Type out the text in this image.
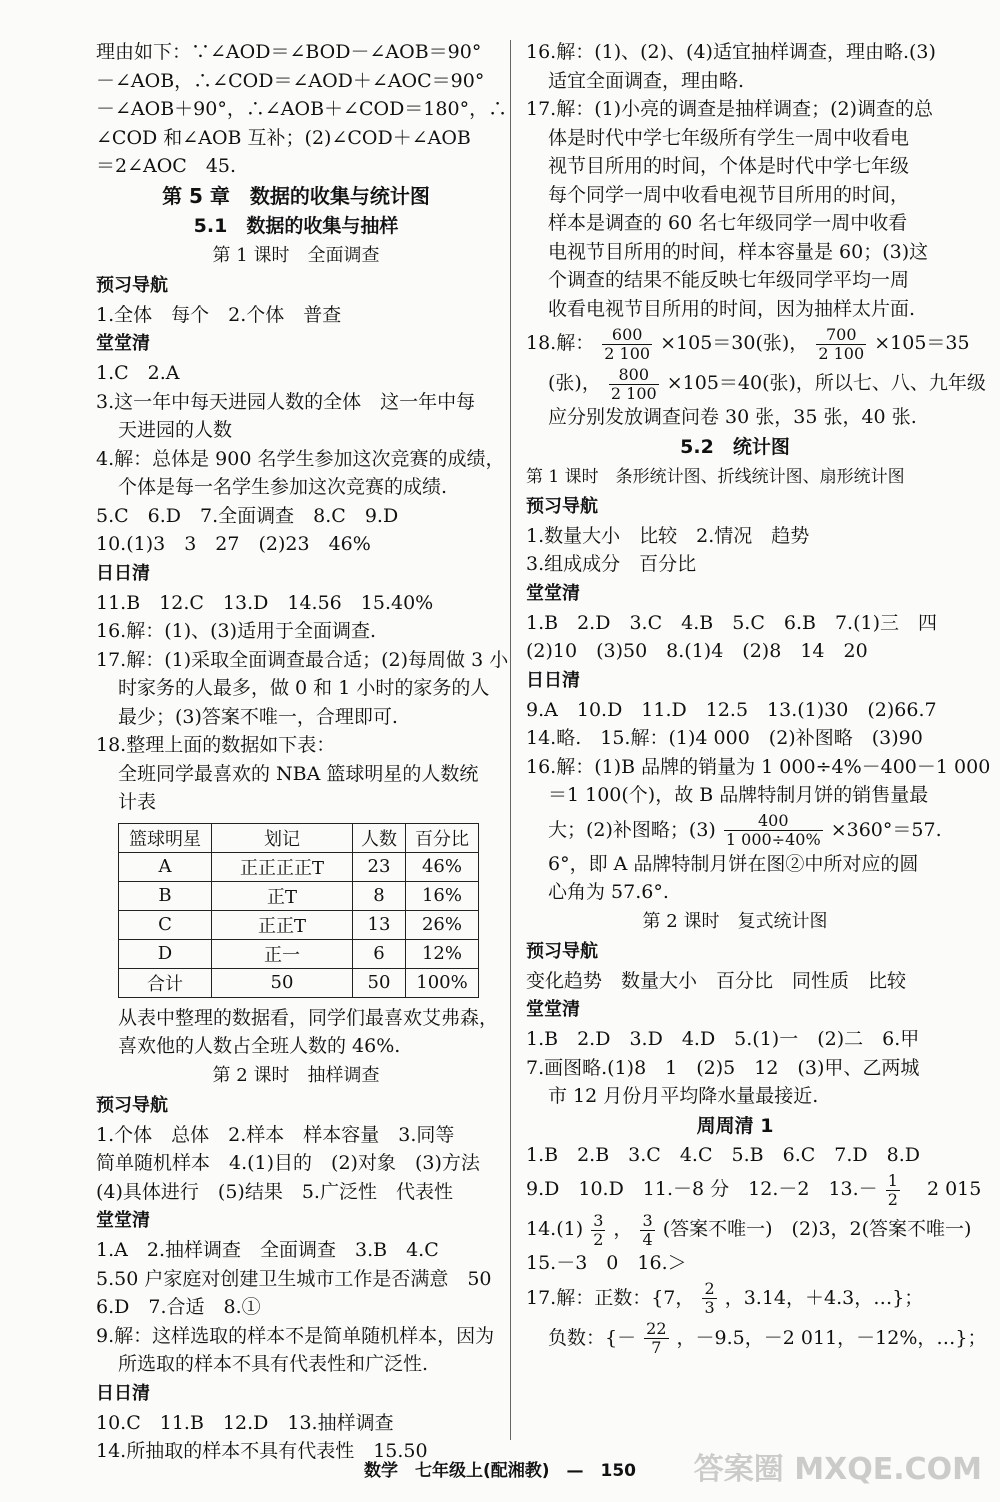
理由如下：∵∠AOD＝∠BOD－∠AOB＝90°
－∠AOB，∴∠COD＝∠AOD＋∠AOC＝90°
－∠AOB＋90°，∴∠AOB＋∠COD＝180°，∴
∠COD 和∠AOB 互补；(2)∠COD＋∠AOB
＝2∠AOC　45.
第 5 章　数据的收集与统计图
5.1　数据的收集与抽样
第 1 课时　全面调查
预习导航
1.全体　每个　2.个体　普查
堂堂清
1.C　2.A
3.这一年中每天进园人数的全体　这一年中每
天进园的人数
4.解：总体是 900 名学生参加这次竞赛的成绩，
个体是每一名学生参加这次竞赛的成绩.
5.C　6.D　7.全面调查　8.C　9.D
10.(1)3　3　27　(2)23　46%
日日清
11.B　12.C　13.D　14.56　15.40%
16.解：(1)、(3)适用于全面调查.
17.解：(1)采取全面调查最合适；(2)每周做 3 小
时家务的人最多，做 0 和 1 小时的家务的人
最少；(3)答案不唯一，合理即可.
18.整理上面的数据如下表：
全班同学最喜欢的 NBA 篮球明星的人数统
计表
篮球明星	划记	人数	百分比
A	正正正正T	23	46%
B	正T	8	16%
C	正正T	13	26%
D	正一	6	12%
合计	50	50	100%
从表中整理的数据看，同学们最喜欢艾弗森，
喜欢他的人数占全班人数的 46%.
第 2 课时　抽样调查
预习导航
1.个体　总体　2.样本　样本容量　3.同等
简单随机样本　4.(1)目的　(2)对象　(3)方法
(4)具体进行　(5)结果　5.广泛性　代表性
堂堂清
1.A　2.抽样调查　全面调查　3.B　4.C
5.50 户家庭对创建卫生城市工作是否满意　50
6.D　7.合适　8.①
9.解：这样选取的样本不是简单随机样本，因为
所选取的样本不具有代表性和广泛性.
日日清
10.C　11.B　12.D　13.抽样调查
14.所抽取的样本不具有代表性　15.50
16.解：(1)、(2)、(4)适宜抽样调查，理由略.(3)
适宜全面调查，理由略.
17.解：(1)小亮的调查是抽样调查；(2)调查的总
体是时代中学七年级所有学生一周中收看电
视节目所用的时间，个体是时代中学七年级
每个同学一周中收看电视节目所用的时间，
样本是调查的 60 名七年级同学一周中收看
电视节目所用的时间，样本容量是 60；(3)这
个调查的结果不能反映七年级同学平均一周
收看电视节目所用的时间，因为抽样太片面.
18.解： $\frac{600}{2 100} \times 105=30$(张)， $\frac{700}{2 100} \times 105=35$
(张)， $\frac{800}{2 100} \times 105=40$(张)，所以七、八、九年级
应分别发放调查问卷 30 张，35 张，40 张.
5.2　统计图
第 1 课时　条形统计图、折线统计图、扇形统计图
预习导航
1.数量大小　比较　2.情况　趋势
3.组成成分　百分比
堂堂清
1.B　2.D　3.C　4.B　5.C　6.B　7.(1)三　四
(2)10　(3)50　8.(1)4　(2)8　14　20
日日清
9.A　10.D　11.D　12.5　13.(1)30　(2)66.7
14.略.　15.解：(1)4 000　(2)补图略　(3)90
16.解：(1)B 品牌的销量为 1 000÷4%－400－1 000
＝1 100(个)，故 B 品牌特制月饼的销售量最
大；(2)补图略；$(3) \frac{400}{1 000\div 40\%} \times 360^\circ=57$.
6°，即 A 品牌特制月饼在图②中所对应的圆
心角为 57.6°.
第 2 课时　复式统计图
预习导航
变化趋势　数量大小　百分比　同性质　比较
堂堂清
1.B　2.D　3.D　4.D　5.(1)一　(2)二　6.甲
7.画图略.(1)8　1　(2)5　12　(3)甲、乙两城
市 12 月份月平均降水量最接近.
周周清 1
1.B　2.B　3.C　4.C　5.B　6.C　7.D　8.D
9.D　10.D　11.－8 分　12.－2　$13.- \frac{1}{2}$ 　2 015
$14.(1) \frac{3}{2}$ ， $\frac{3}{4}$ (答案不唯一)　(2)3，2(答案不唯一)
15.－3　0　16.＞
17.解：正数：{7， $\frac{2}{3}$ ，3.14，＋4.3，…}；
负数：{－ $\frac{22}{7}$ ，－9.5，－2 011，－12%，…}；
数学　七年级上(配湘教)　—　150	答案圈 MXQE.COM
